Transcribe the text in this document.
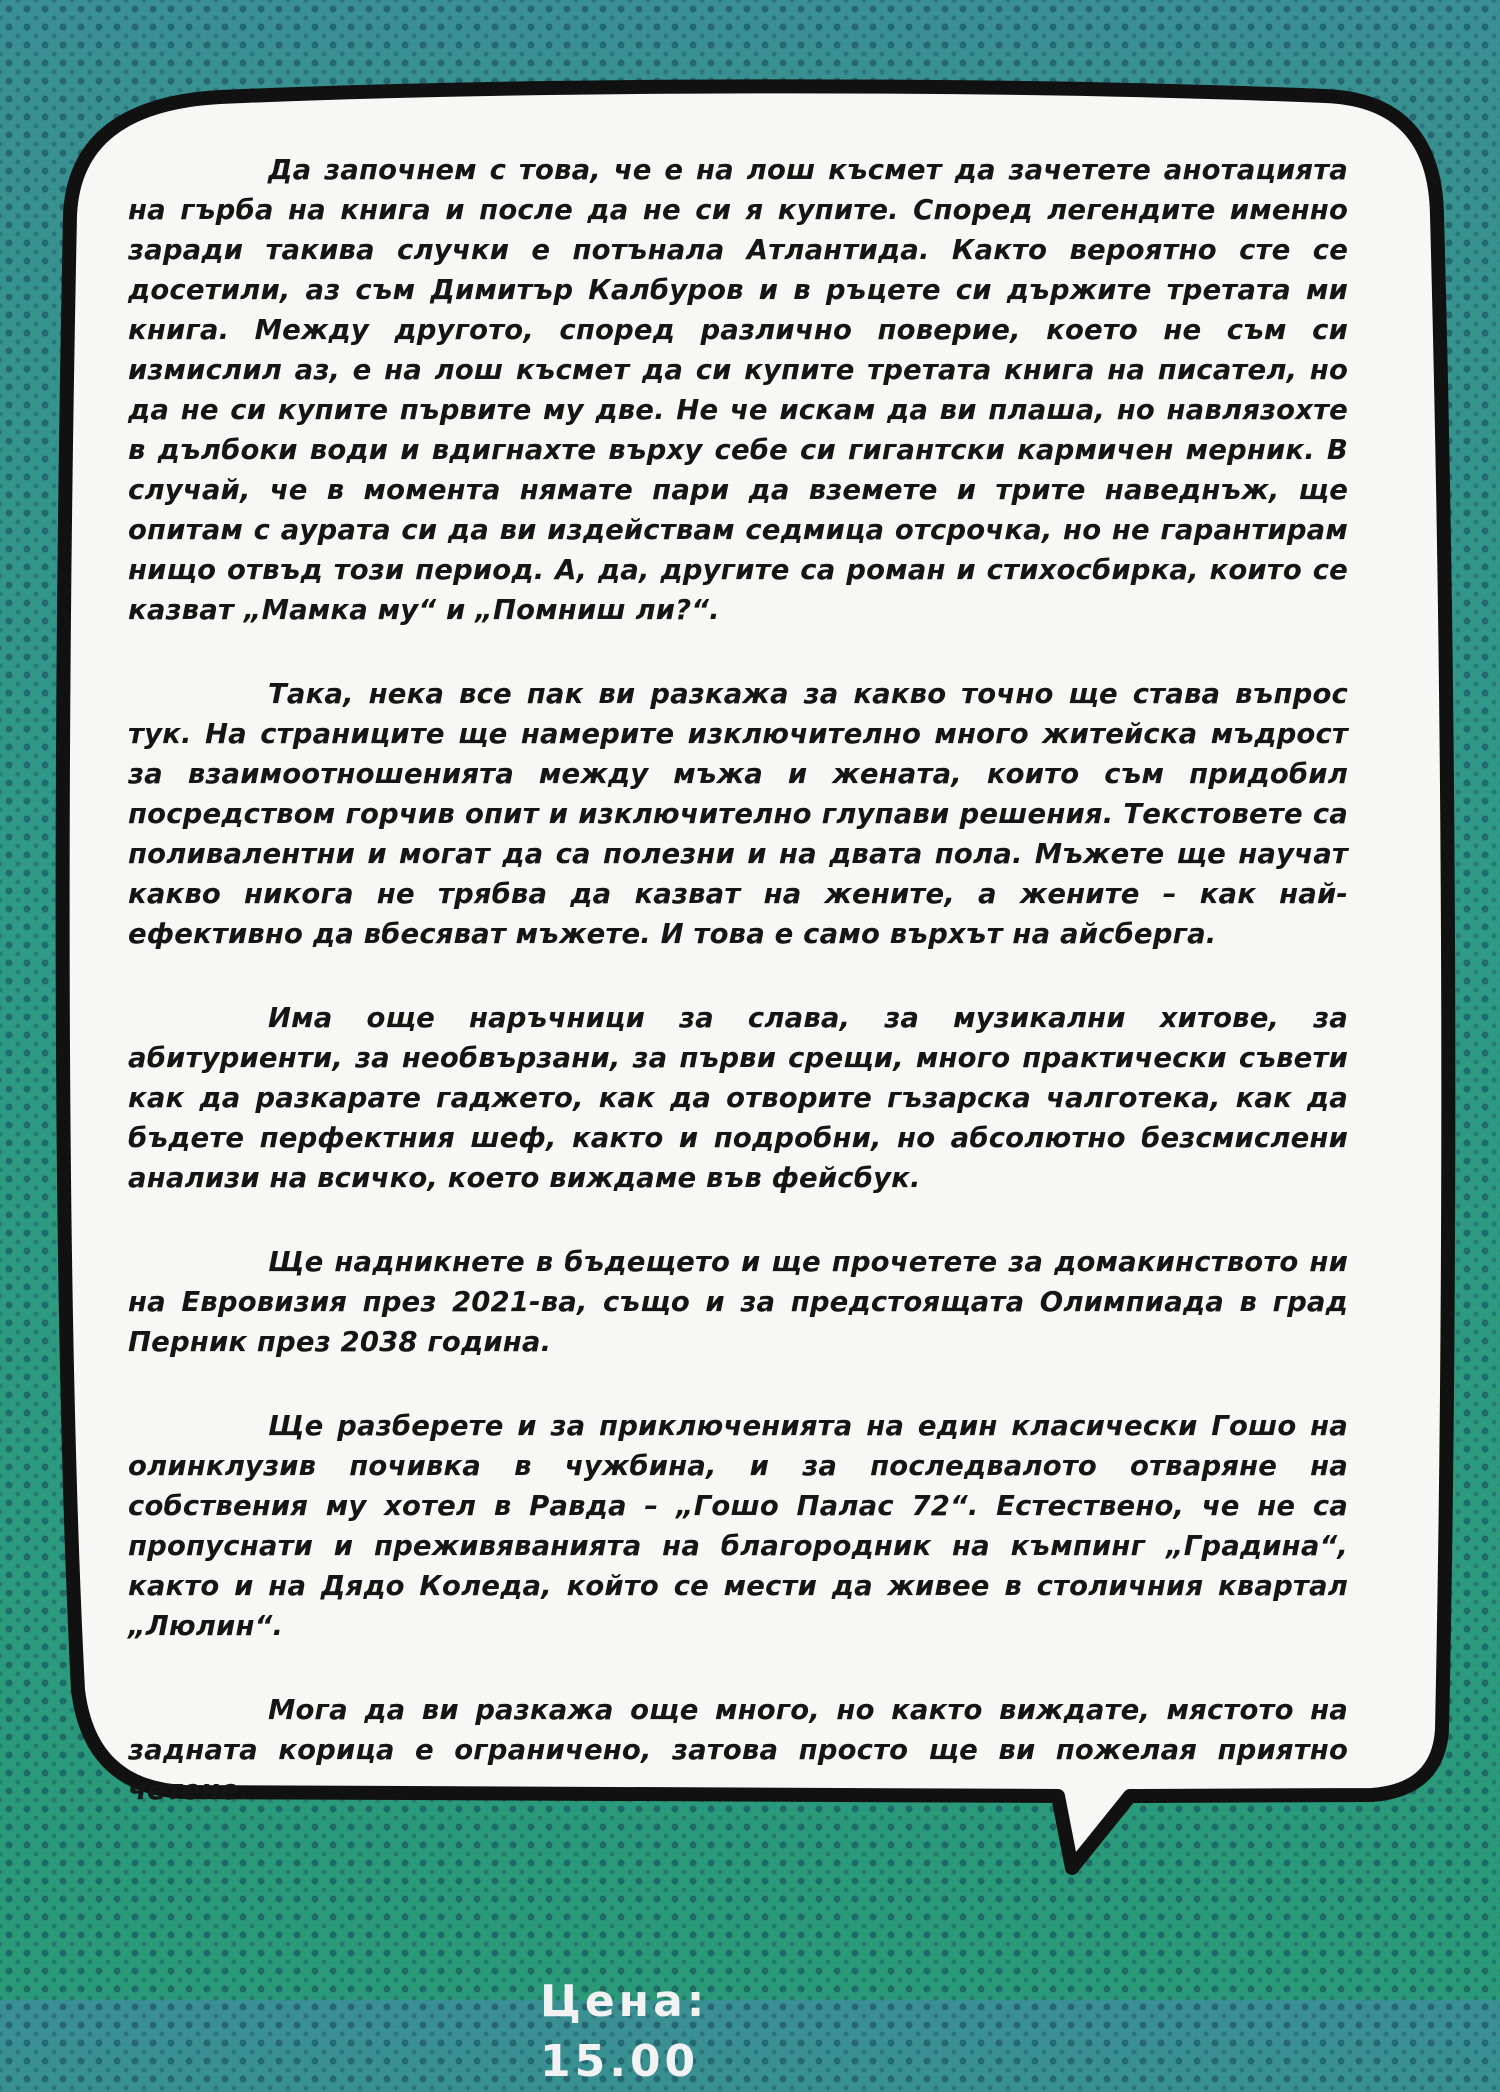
Да започнем с това, че е на лош късмет да зачетете анотацията на гърба на книга и после да не си я купите. Според легендите именно заради такива случки е потънала Атлантида. Както вероятно сте се досетили, аз съм Димитър Калбуров и в ръцете си държите третата ми книга. Между другото, според различно поверие, което не съм си измислил аз, е на лош късмет да си купите третата книга на писател, но да не си купите първите му две. Не че искам да ви плаша, но навлязохте в дълбоки води и вдигнахте върху себе си гигантски кармичен мерник. В случай, че в момента нямате пари да вземете и трите наведнъж, ще опитам с аурата си да ви издействам седмица отсрочка, но не гарантирам нищо отвъд този период. А, да, другите са роман и стихосбирка, които се казват „Мамка му“ и „Помниш ли?“.

Така, нека все пак ви разкажа за какво точно ще става въпрос тук. На страниците ще намерите изключително много житейска мъдрост за взаимоотношенията между мъжа и жената, които съм придобил посредством горчив опит и изключително глупави решения. Текстовете са поливалентни и могат да са полезни и на двата пола. Мъжете ще научат какво никога не трябва да казват на жените, а жените – как най-ефективно да вбесяват мъжете. И това е само върхът на айсберга.

Има още наръчници за слава, за музикални хитове, за абитуриенти, за необвързани, за първи срещи, много практически съвети как да разкарате гаджето, как да отворите гъзарска чалготека, как да бъдете перфектния шеф, както и подробни, но абсолютно безсмислени анализи на всичко, което виждаме във фейсбук.

Ще надникнете в бъдещето и ще прочетете за домакинството ни на Евровизия през 2021-ва, също и за предстоящата Олимпиада в град Перник през 2038 година.

Ще разберете и за приключенията на един класически Гошо на олинклузив почивка в чужбина, и за последвалото отваряне на собствения му хотел в Равда – „Гошо Палас 72“. Естествено, че не са пропуснати и преживяванията на благородник на къмпинг „Градина“, както и на Дядо Коледа, който се мести да живее в столичния квартал „Люлин“.

Мога да ви разкажа още много, но както виждате, мястото на задната корица е ограничено, затова просто ще ви пожелая приятно четене.

Цена: 15.00
